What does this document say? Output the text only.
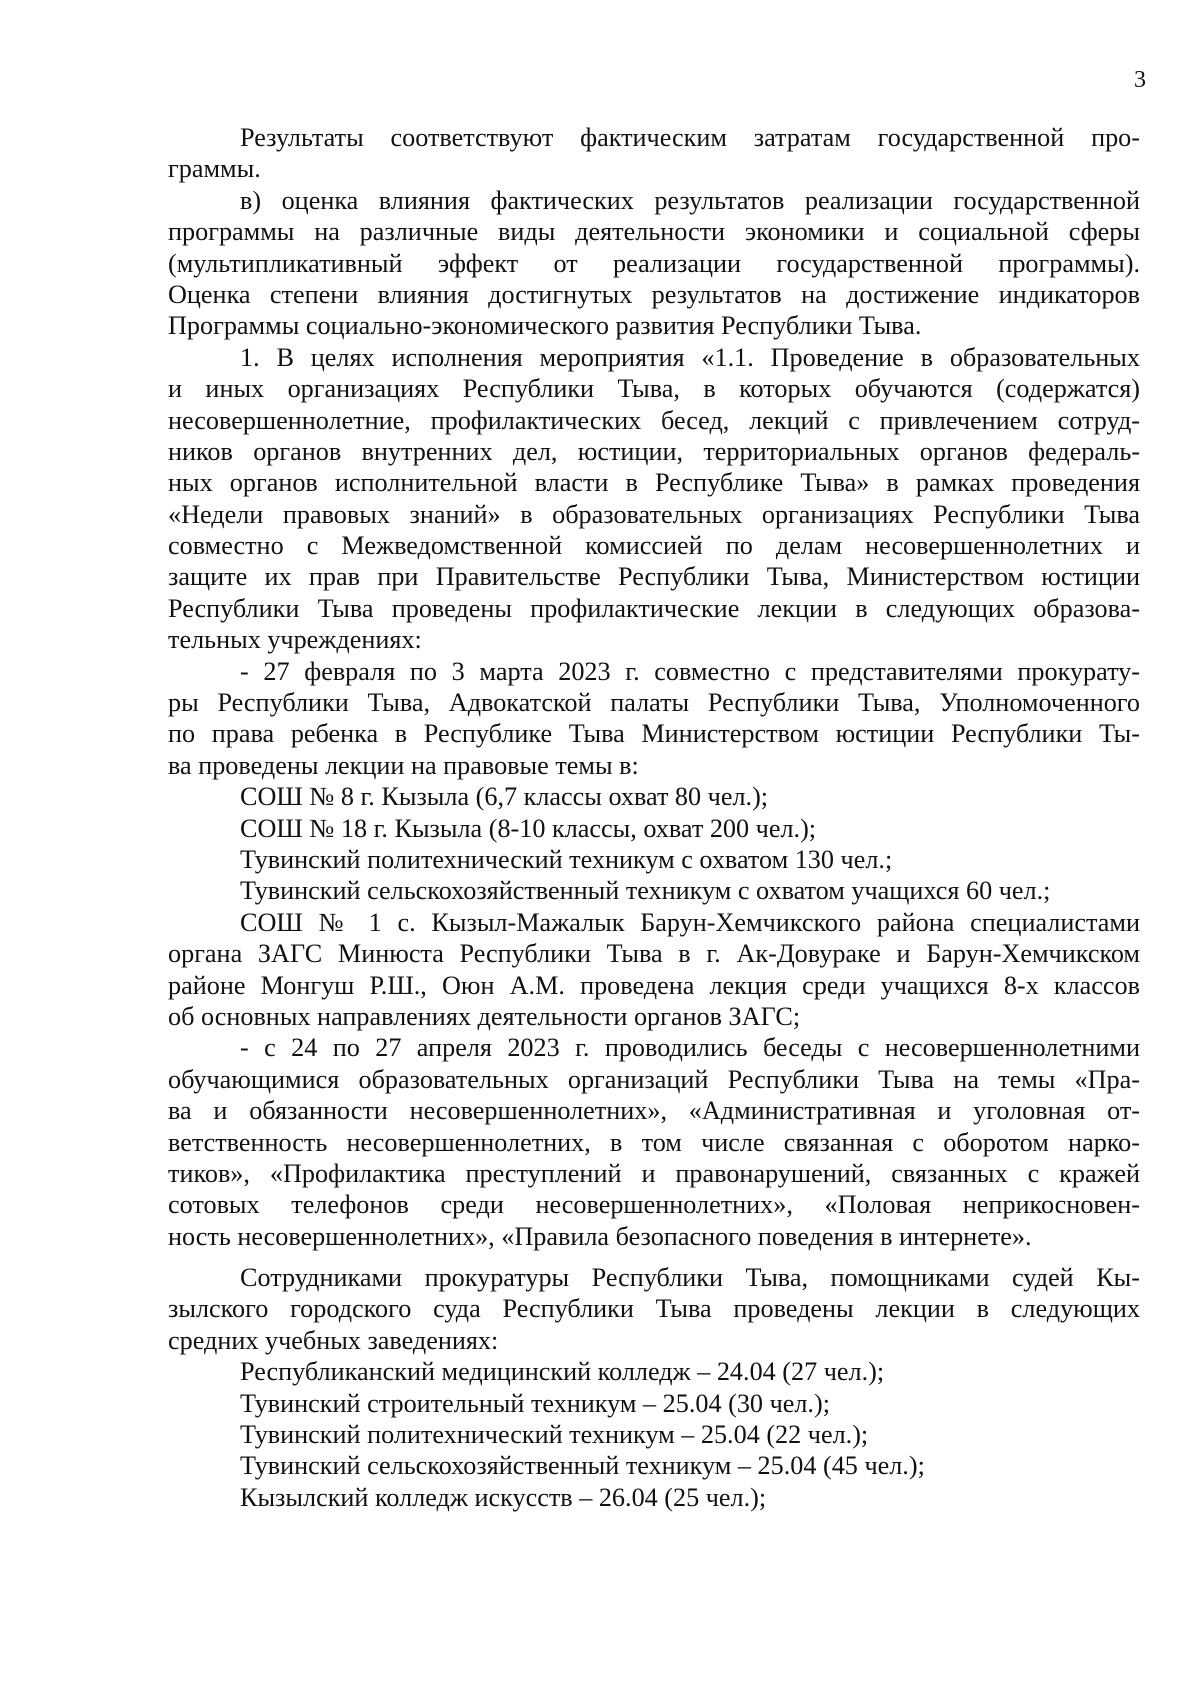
3
Результаты соответствуют фактическим затратам государственной про-
граммы.
в) оценка влияния фактических результатов реализации государственной
программы на различные виды деятельности экономики и социальной сферы
(мультипликативный эффект от реализации государственной программы).
Оценка степени влияния достигнутых результатов на достижение индикаторов
Программы социально-экономического развития Республики Тыва.
1. В целях исполнения мероприятия «1.1. Проведение в образовательных
и иных организациях Республики Тыва, в которых обучаются (содержатся)
несовершеннолетние, профилактических бесед, лекций с привлечением сотруд-
ников органов внутренних дел, юстиции, территориальных органов федераль-
ных органов исполнительной власти в Республике Тыва» в рамках проведения
«Недели правовых знаний» в образовательных организациях Республики Тыва
совместно с Межведомственной комиссией по делам несовершеннолетних и
защите их прав при Правительстве Республики Тыва, Министерством юстиции
Республики Тыва проведены профилактические лекции в следующих образова-
тельных учреждениях:
- 27 февраля по 3 марта 2023 г. совместно с представителями прокурату-
ры Республики Тыва, Адвокатской палаты Республики Тыва, Уполномоченного
по права ребенка в Республике Тыва Министерством юстиции Республики Ты-
ва проведены лекции на правовые темы в:
СОШ № 8 г. Кызыла (6,7 классы охват 80 чел.);
СОШ № 18 г. Кызыла (8-10 классы, охват 200 чел.);
Тувинский политехнический техникум с охватом 130 чел.;
Тувинский сельскохозяйственный техникум с охватом учащихся 60 чел.;
СОШ № 1 с. Кызыл-Мажалык Барун-Хемчикского района специалистами
органа ЗАГС Минюста Республики Тыва в г. Ак-Довураке и Барун-Хемчикском
районе Монгуш Р.Ш., Оюн А.М. проведена лекция среди учащихся 8-х классов
об основных направлениях деятельности органов ЗАГС;
- с 24 по 27 апреля 2023 г. проводились беседы с несовершеннолетними
обучающимися образовательных организаций Республики Тыва на темы «Пра-
ва и обязанности несовершеннолетних», «Административная и уголовная от-
ветственность несовершеннолетних, в том числе связанная с оборотом нарко-
тиков», «Профилактика преступлений и правонарушений, связанных с кражей
сотовых телефонов среди несовершеннолетних», «Половая неприкосновен-
ность несовершеннолетних», «Правила безопасного поведения в интернете».
Сотрудниками прокуратуры Республики Тыва, помощниками судей Кы-
зылского городского суда Республики Тыва проведены лекции в следующих
средних учебных заведениях:
Республиканский медицинский колледж – 24.04 (27 чел.);
Тувинский строительный техникум – 25.04 (30 чел.);
Тувинский политехнический техникум – 25.04 (22 чел.);
Тувинский сельскохозяйственный техникум – 25.04 (45 чел.);
Кызылский колледж искусств – 26.04 (25 чел.);
